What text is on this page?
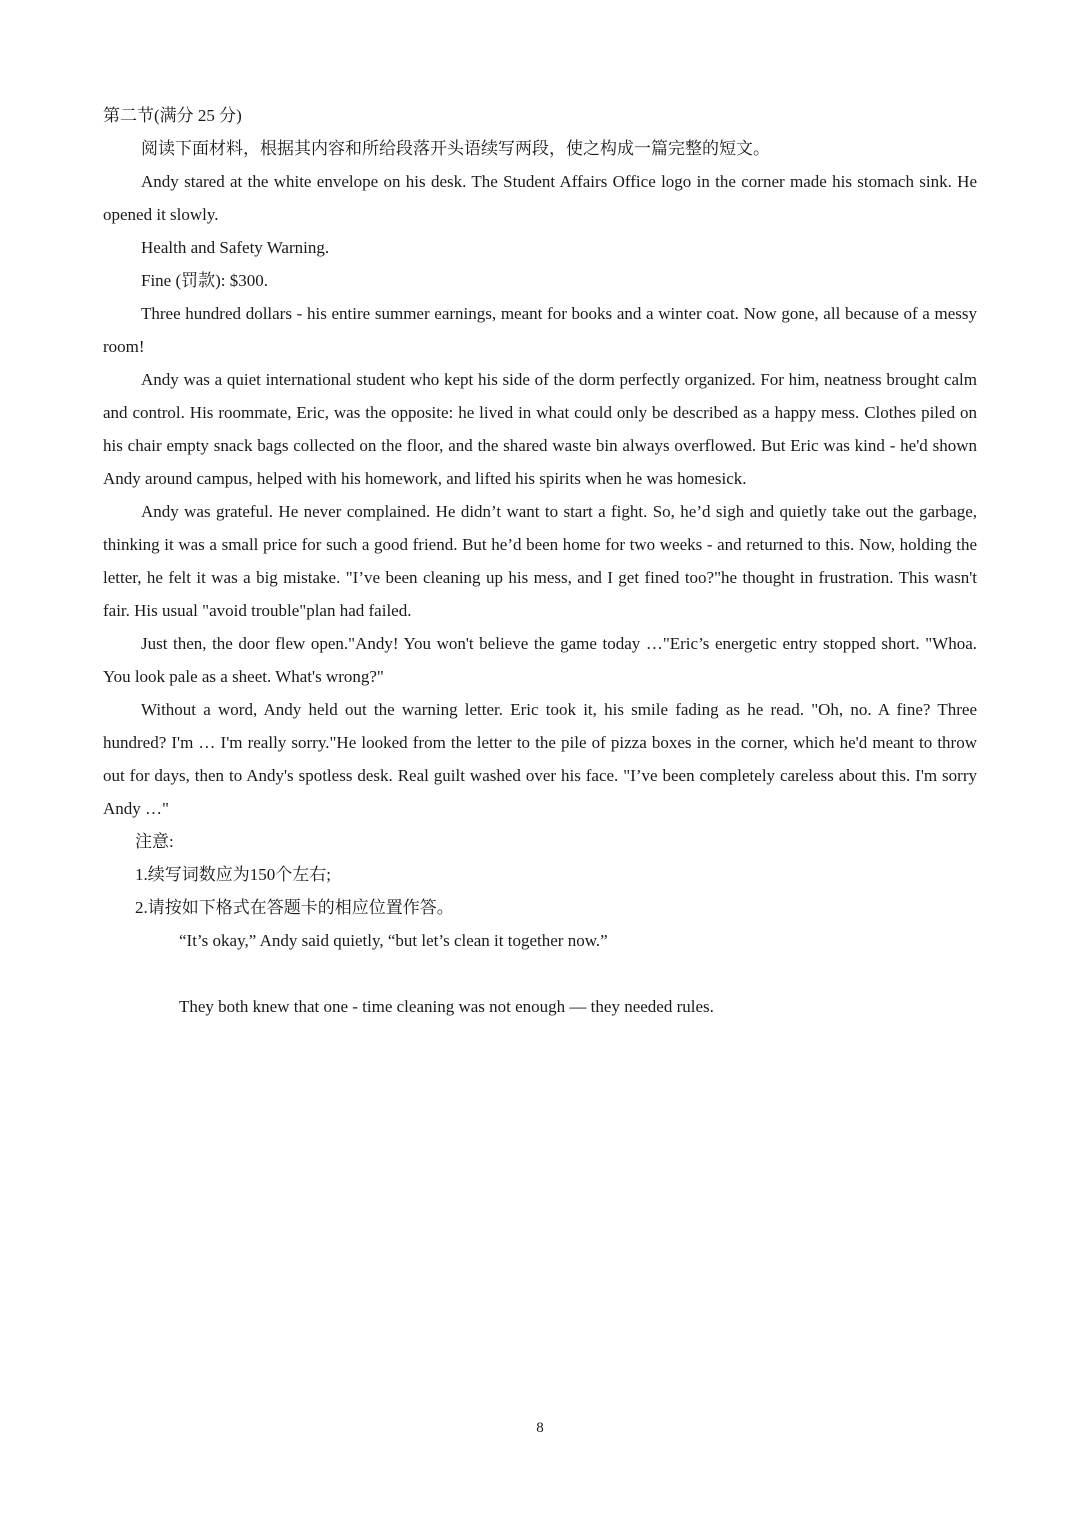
第二节(满分 25 分)

阅读下面材料，根据其内容和所给段落开头语续写两段，使之构成一篇完整的短文。

Andy stared at the white envelope on his desk. The Student Affairs Office logo in the corner made his stomach sink. He opened it slowly.

Health and Safety Warning.

Fine (罚款): $300.

Three hundred dollars - his entire summer earnings, meant for books and a winter coat. Now gone, all because of a messy room!

Andy was a quiet international student who kept his side of the dorm perfectly organized. For him, neatness brought calm and control. His roommate, Eric, was the opposite: he lived in what could only be described as a happy mess. Clothes piled on his chair empty snack bags collected on the floor, and the shared waste bin always overflowed. But Eric was kind - he'd shown Andy around campus, helped with his homework, and lifted his spirits when he was homesick.

Andy was grateful. He never complained. He didn’t want to start a fight. So, he’d sigh and quietly take out the garbage, thinking it was a small price for such a good friend. But he’d been home for two weeks - and returned to this. Now, holding the letter, he felt it was a big mistake. "I’ve been cleaning up his mess, and I get fined too?"he thought in frustration. This wasn't fair. His usual "avoid trouble"plan had failed.

Just then, the door flew open."Andy! You won't believe the game today …"Eric’s energetic entry stopped short. "Whoa. You look pale as a sheet. What's wrong?"

Without a word, Andy held out the warning letter. Eric took it, his smile fading as he read. "Oh, no. A fine? Three hundred? I'm … I'm really sorry."He looked from the letter to the pile of pizza boxes in the corner, which he'd meant to throw out for days, then to Andy's spotless desk. Real guilt washed over his face. "I’ve been completely careless about this. I'm sorry Andy …"

注意:

1.续写词数应为150个左右;

2.请按如下格式在答题卡的相应位置作答。

“It’s okay,” Andy said quietly, “but let’s clean it together now.”

They both knew that one - time cleaning was not enough — they needed rules.

8
